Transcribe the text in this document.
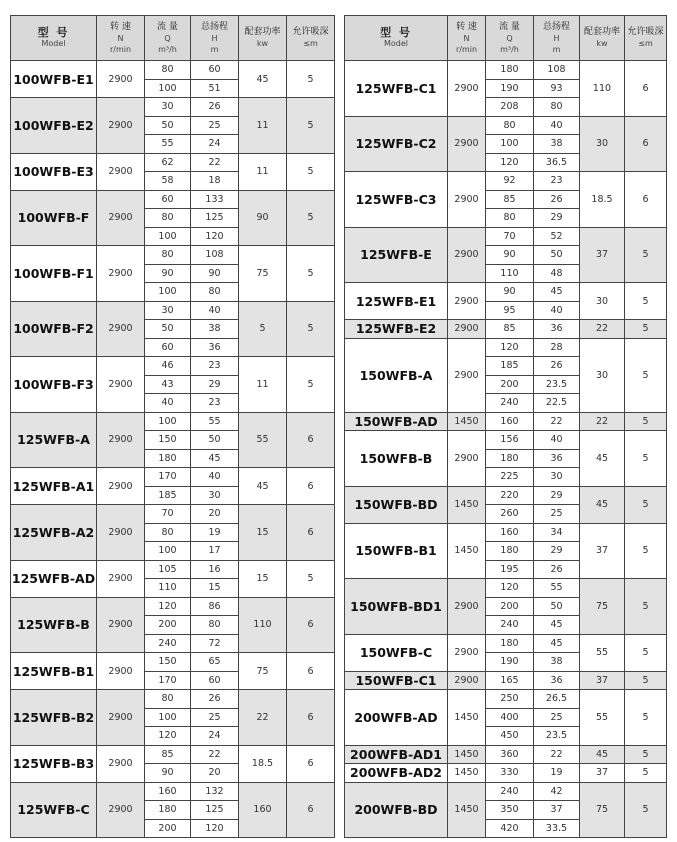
型 号
Model	转 速
N
r/min	流 量
Q
m³/h	总扬程
H
m	配套功率
kw	允许吸深
≤m

100WFB-E1	2900	80	60	45	5
		100	51		
100WFB-E2	2900	30	26	11	5
		50	25		
		55	24		
100WFB-E3	2900	62	22	11	5
		58	18		
100WFB-F	2900	60	133	90	5
		80	125		
		100	120		
100WFB-F1	2900	80	108	75	5
		90	90		
		100	80		
100WFB-F2	2900	30	40	5	5
		50	38		
		60	36		
100WFB-F3	2900	46	23	11	5
		43	29		
		40	23		
125WFB-A	2900	100	55	55	6
		150	50		
		180	45		
125WFB-A1	2900	170	40	45	6
		185	30		
125WFB-A2	2900	70	20	15	6
		80	19		
		100	17		
125WFB-AD	2900	105	16	15	5
		110	15		
125WFB-B	2900	120	86	110	6
		200	80		
		240	72		
125WFB-B1	2900	150	65	75	6
		170	60		
125WFB-B2	2900	80	26	22	6
		100	25		
		120	24		
125WFB-B3	2900	85	22	18.5	6
		90	20		
125WFB-C	2900	160	132	160	6
		180	125		
		200	120		
型 号
Model	转 速
N
r/min	流 量
Q
m³/h	总扬程
H
m	配套功率
kw	允许吸深
≤m

125WFB-C1	2900	180	108	110	6
		190	93		
		208	80		
125WFB-C2	2900	80	40	30	6
		100	38		
		120	36.5		
125WFB-C3	2900	92	23	18.5	6
		85	26		
		80	29		
125WFB-E	2900	70	52	37	5
		90	50		
		110	48		
125WFB-E1	2900	90	45	30	5
		95	40		
125WFB-E2	2900	85	36	22	5
150WFB-A	2900	120	28	30	5
		185	26		
		200	23.5		
		240	22.5		
150WFB-AD	1450	160	22	22	5
150WFB-B	2900	156	40	45	5
		180	36		
		225	30		
150WFB-BD	1450	220	29	45	5
		260	25		
150WFB-B1	1450	160	34	37	5
		180	29		
		195	26		
150WFB-BD1	2900	120	55	75	5
		200	50		
		240	45		
150WFB-C	2900	180	45	55	5
		190	38		
150WFB-C1	2900	165	36	37	5
200WFB-AD	1450	250	26.5	55	5
		400	25		
		450	23.5		
200WFB-AD1	1450	360	22	45	5
200WFB-AD2	1450	330	19	37	5
200WFB-BD	1450	240	42	75	5
		350	37		
		420	33.5		
